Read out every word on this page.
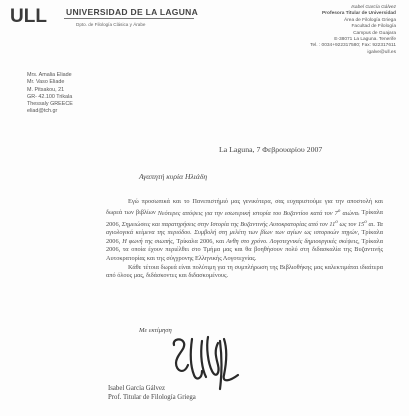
ULL UNIVERSIDAD DE LA LAGUNA
Dpto. de Filología Clásica y Árabe
Isabel García Gálvez
Profesora Titular de Universidad
Área de Filología Griega
Facultad de Filología
Campus de Guajara
E-38071 La Laguna. Tenerife
Tel. : 0034+922317580; Fax: 922317611
igalve@ull.es
Mrs. Amalia Eliade
Mr. Vaso Eliade
M. Pitsakou, 21
GR- 42.100 Trikala
Thessaly GREECE
eliad@tch.gr
La Laguna, 7 Φεβρουαρίου 2007
Αγαπητή κυρία Ηλιάδη

Εγώ προσωπικά και το Πανεπιστήμιό μας γενικότερα, σας ευχαριστούμε για την αποστολή και δωρεά των βιβλίων Νεότερες απόψεις για την εσωτερική ιστορία του Βυζαντίου κατά τον $7^o$ αιώνα, Τρίκαλα 2006, Σημειώσεις και παρατηρήσεις στην Ιστορία της Βυζαντινής Αυτοκρατορίας από τον $11^o$ ως τον $15^o$ αι. Τα αγιολογικά κείμενα της περιόδου. Συμβολή στη μελέτη των βίων των αγίων ως ιστορικών πηγών, Τρίκαλα 2006, Η φωνή της σιωπής, Τρίκαλα 2006, και Ανθη στο χρόνο. Λογοτεχνικές δημιουργικές σκέψεις, Τρίκαλα 2006, τα οποία έχουν περιέλθει στο Τμήμα μας και θα βοηθήσουν πολύ στη διδασκαλία της Βυζαντινής Αυτοκρατορίας και της σύγχρονης Ελληνικής Λογοτεχνίας.

Κάθε τέτοια δωρεά είναι πολύτιμη για τη συμπλήρωση της Βιβλιοθήκης μας καλεκτιμάται ιδιαίτερα από όλους μας, διδάσκοντες και διδασκομένους.

Με εκτίμηση
Isabel García Gálvez
Prof. Titular de Filología Griega
